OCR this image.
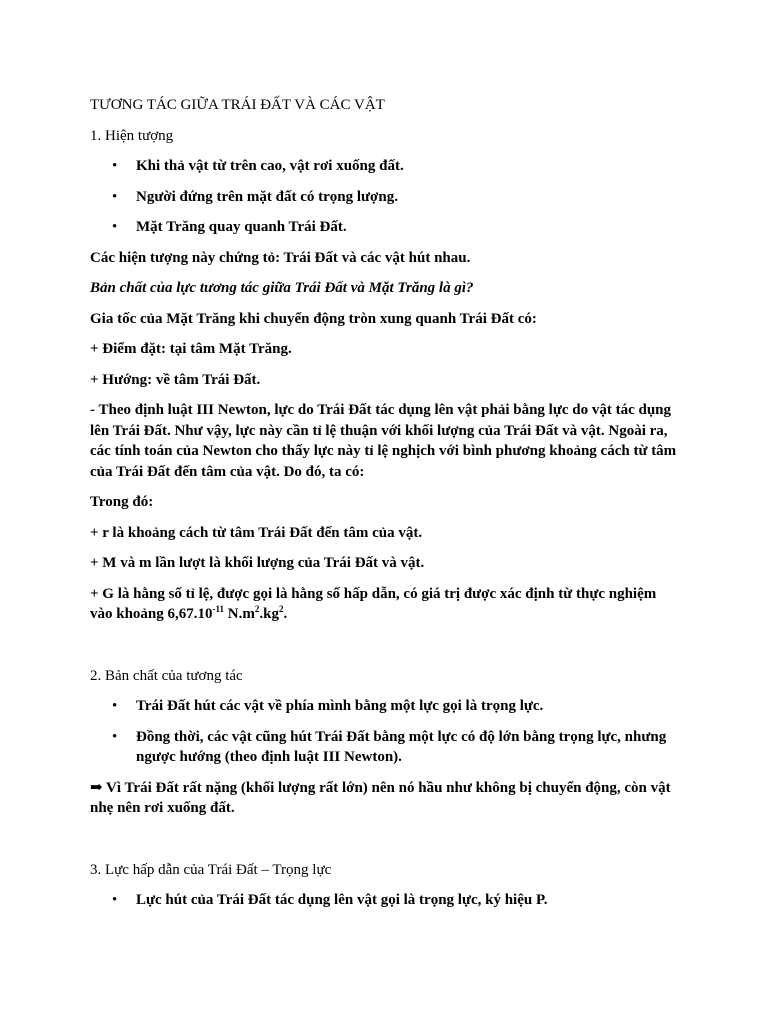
TƯƠNG TÁC GIỮA TRÁI ĐẤT VÀ CÁC VẬT

1. Hiện tượng

• Khi thả vật từ trên cao, vật rơi xuống đất.
• Người đứng trên mặt đất có trọng lượng.
• Mặt Trăng quay quanh Trái Đất.

Các hiện tượng này chứng tỏ: Trái Đất và các vật hút nhau.

Bản chất của lực tương tác giữa Trái Đất và Mặt Trăng là gì?

Gia tốc của Mặt Trăng khi chuyển động tròn xung quanh Trái Đất có:

+ Điểm đặt: tại tâm Mặt Trăng.

+ Hướng: về tâm Trái Đất.

- Theo định luật III Newton, lực do Trái Đất tác dụng lên vật phải bằng lực do vật tác dụng lên Trái Đất. Như vậy, lực này cần tỉ lệ thuận với khối lượng của Trái Đất và vật. Ngoài ra, các tính toán của Newton cho thấy lực này tỉ lệ nghịch với bình phương khoảng cách từ tâm của Trái Đất đến tâm của vật. Do đó, ta có:

Trong đó:

+ r là khoảng cách từ tâm Trái Đất đến tâm của vật.

+ M và m lần lượt là khối lượng của Trái Đất và vật.

+ G là hằng số tỉ lệ, được gọi là hằng số hấp dẫn, có giá trị được xác định từ thực nghiệm vào khoảng $6,67.10^{-11}$ $N.m^2.kg^2$.

2. Bản chất của tương tác

• Trái Đất hút các vật về phía mình bằng một lực gọi là trọng lực.
• Đồng thời, các vật cũng hút Trái Đất bằng một lực có độ lớn bằng trọng lực, nhưng ngược hướng (theo định luật III Newton).

➡ Vì Trái Đất rất nặng (khối lượng rất lớn) nên nó hầu như không bị chuyển động, còn vật nhẹ nên rơi xuống đất.

3. Lực hấp dẫn của Trái Đất – Trọng lực

• Lực hút của Trái Đất tác dụng lên vật gọi là trọng lực, ký hiệu P.
